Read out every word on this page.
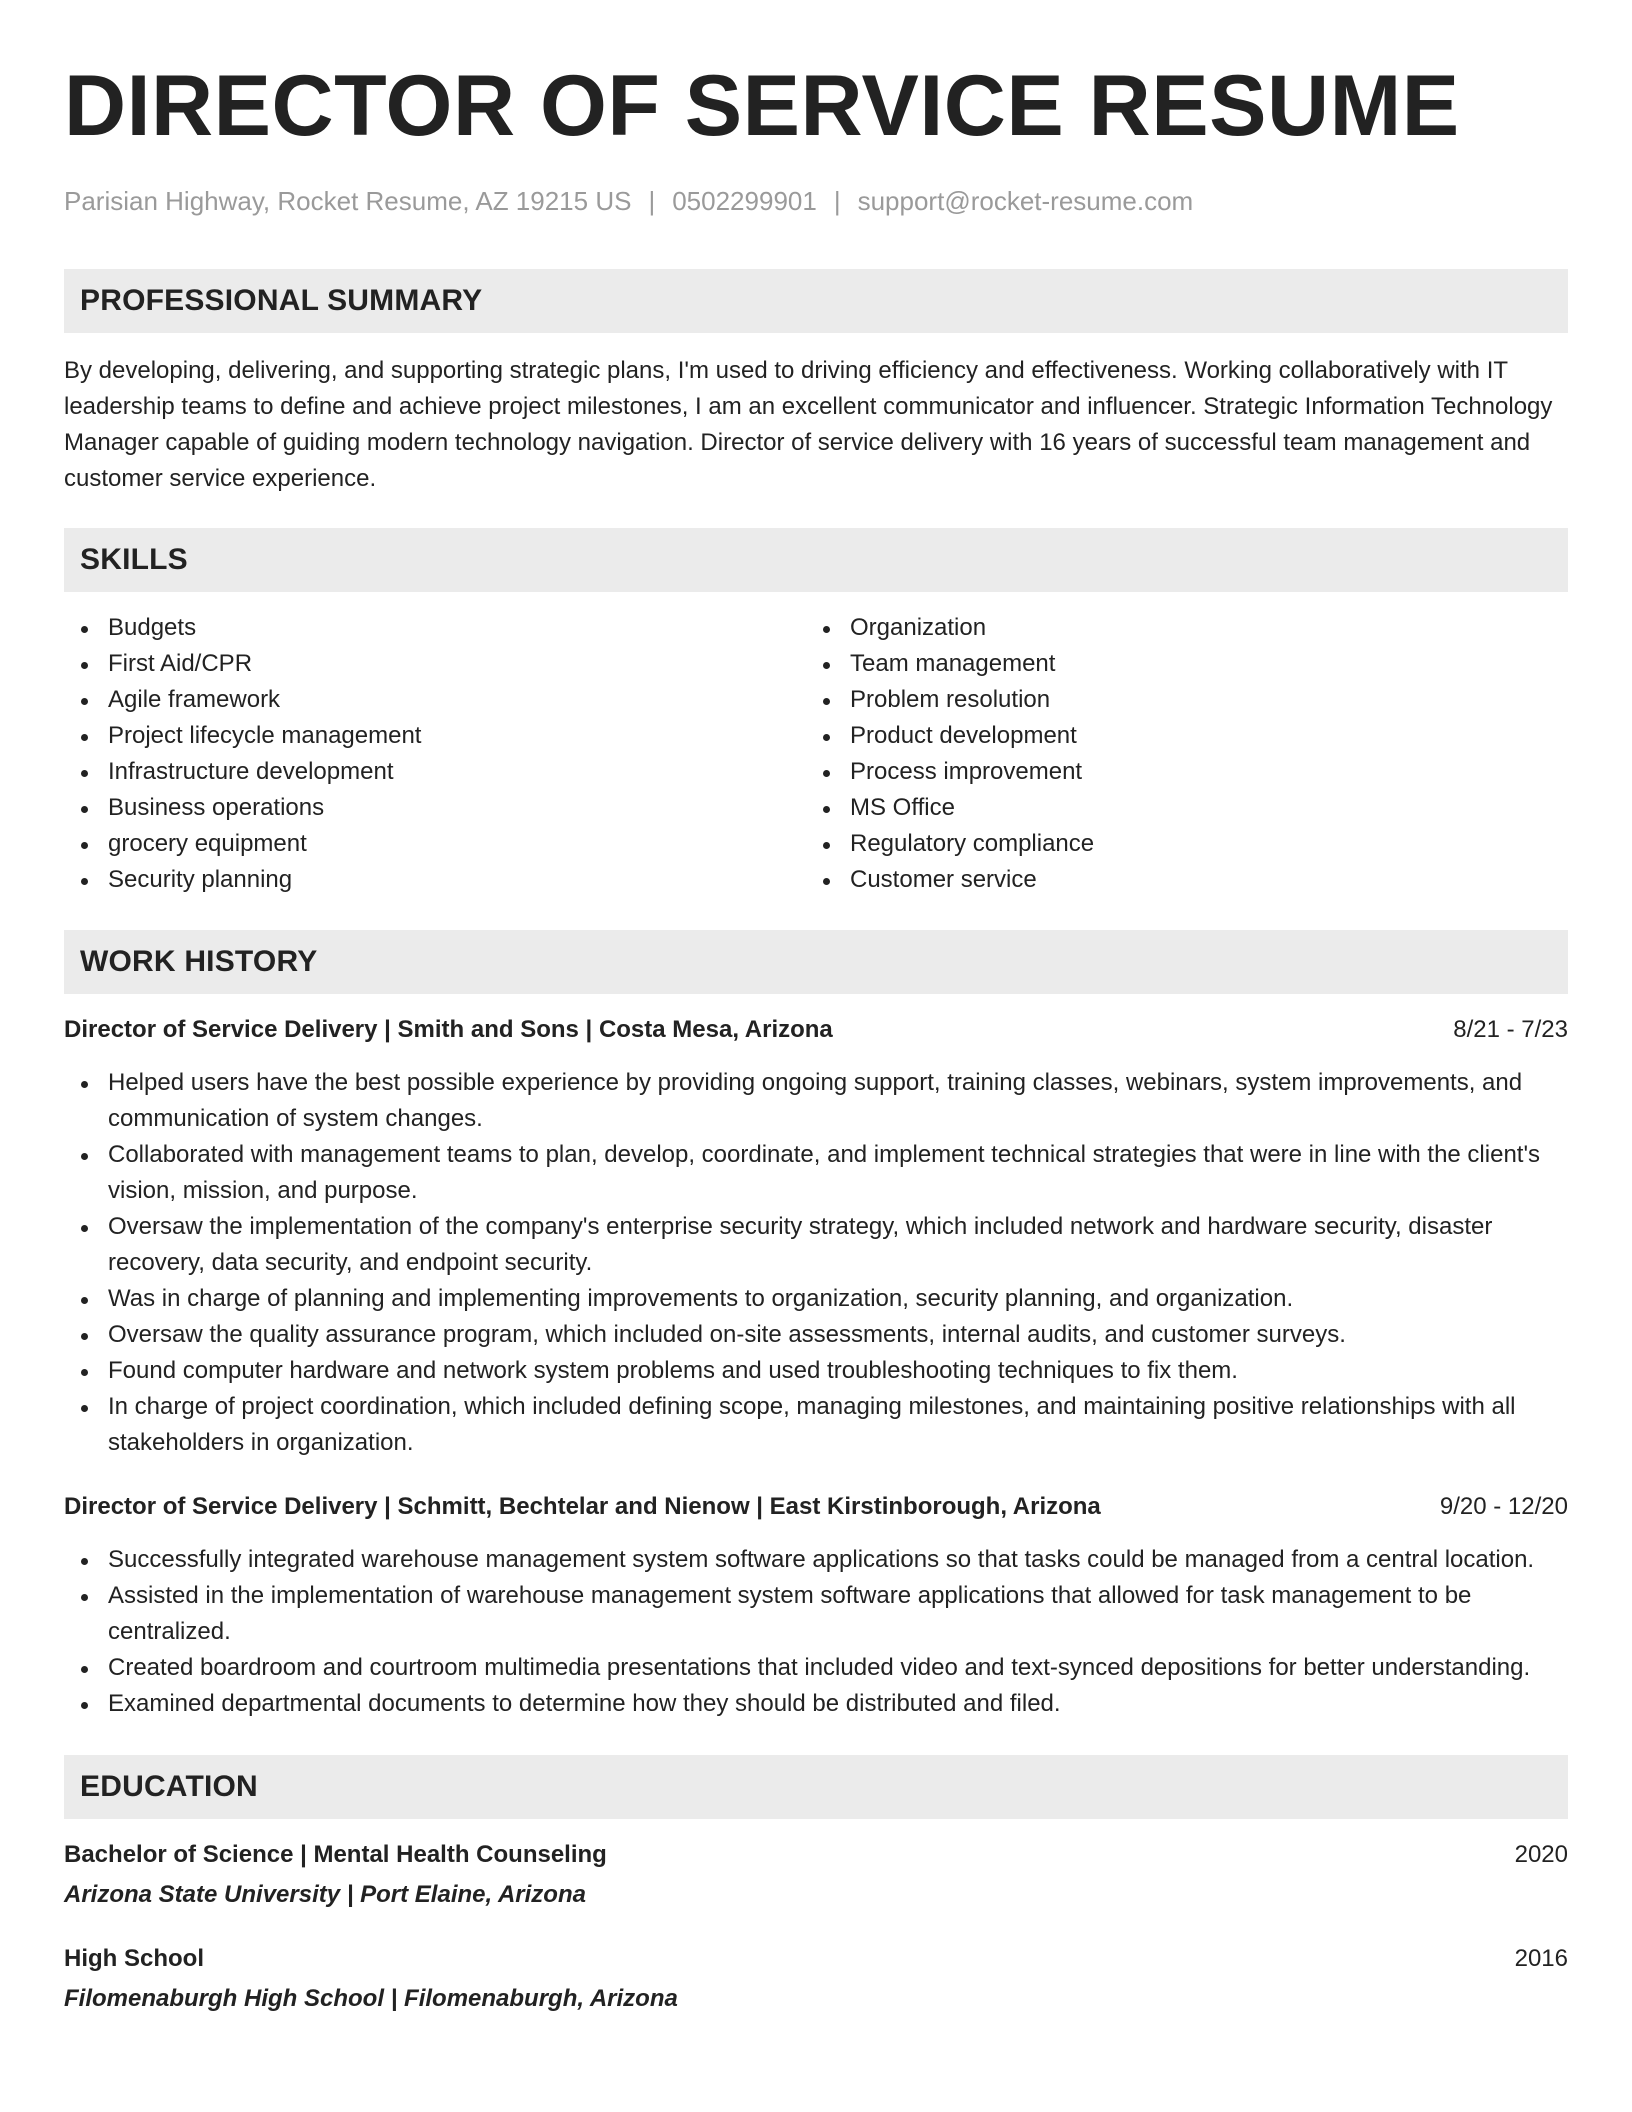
DIRECTOR OF SERVICE RESUME
Parisian Highway, Rocket Resume, AZ 19215 US | 0502299901 | support@rocket-resume.com
PROFESSIONAL SUMMARY

By developing, delivering, and supporting strategic plans, I'm used to driving efficiency and effectiveness. Working collaboratively with IT leadership teams to define and achieve project milestones, I am an excellent communicator and influencer. Strategic Information Technology Manager capable of guiding modern technology navigation. Director of service delivery with 16 years of successful team management and customer service experience.

SKILLS
Budgets
First Aid/CPR
Agile framework
Project lifecycle management
Infrastructure development
Business operations
grocery equipment
Security planning
Organization
Team management
Problem resolution
Product development
Process improvement
MS Office
Regulatory compliance
Customer service
WORK HISTORY
Director of Service Delivery | Smith and Sons | Costa Mesa, Arizona	8/21 - 7/23
Helped users have the best possible experience by providing ongoing support, training classes, webinars, system improvements, and communication of system changes.
Collaborated with management teams to plan, develop, coordinate, and implement technical strategies that were in line with the client's vision, mission, and purpose.
Oversaw the implementation of the company's enterprise security strategy, which included network and hardware security, disaster recovery, data security, and endpoint security.
Was in charge of planning and implementing improvements to organization, security planning, and organization.
Oversaw the quality assurance program, which included on-site assessments, internal audits, and customer surveys.
Found computer hardware and network system problems and used troubleshooting techniques to fix them.
In charge of project coordination, which included defining scope, managing milestones, and maintaining positive relationships with all stakeholders in organization.
Director of Service Delivery | Schmitt, Bechtelar and Nienow | East Kirstinborough, Arizona	9/20 - 12/20
Successfully integrated warehouse management system software applications so that tasks could be managed from a central location.
Assisted in the implementation of warehouse management system software applications that allowed for task management to be centralized.
Created boardroom and courtroom multimedia presentations that included video and text-synced depositions for better understanding.
Examined departmental documents to determine how they should be distributed and filed.
EDUCATION
Bachelor of Science | Mental Health Counseling	2020
Arizona State University | Port Elaine, Arizona
High School	2016
Filomenaburgh High School | Filomenaburgh, Arizona
